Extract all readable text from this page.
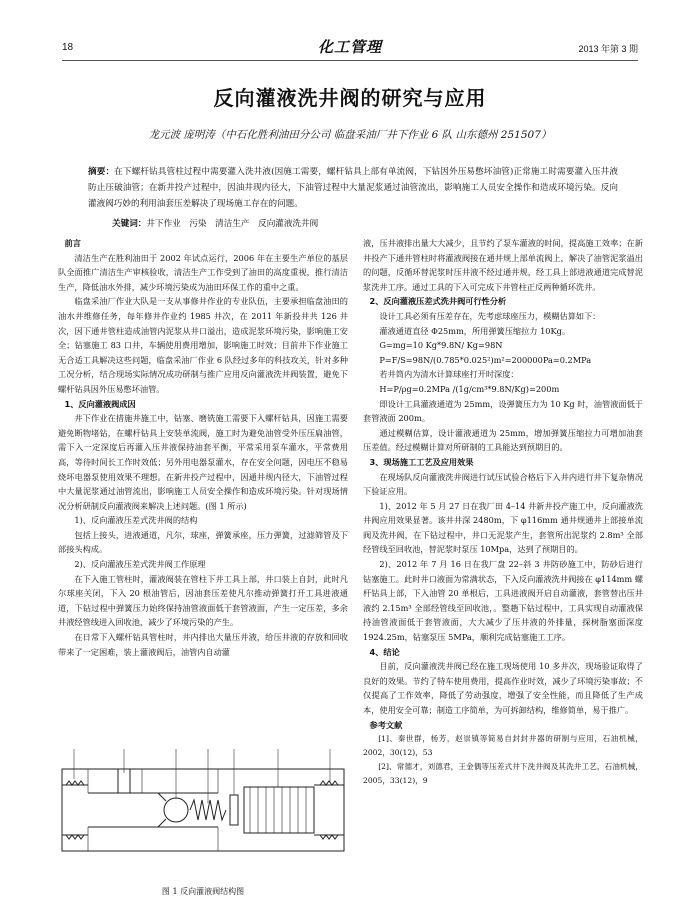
18	化工管理	2013 年第 3 期
反向灌液洗井阀的研究与应用
龙元波 庞明涛（中石化胜利油田分公司 临盘采油厂井下作业 6 队 山东德州 251507）
摘要：在下螺杆钻具管柱过程中需要灌入洗井液(因施工需要，螺杆钻具上部有单流阀，下钻因外压易憋坏油管)正常施工时需要灌入压井液防止压破油管；在新井投产过程中，因油井现内径大，下油管过程中大量泥浆通过油管流出，影响施工人员安全操作和造成环境污染。反向灌液阀巧妙的利用油套压差解决了现场施工存在的问题。
关键词：井下作业　污染　清洁生产　反向灌液洗井阀

前言

清洁生产在胜利油田于 2002 年试点运行，2006 年在主要生产单位的基层队全面推广清洁生产审核验收，清洁生产工作受到了油田的高度重视，推行清洁生产，降低油水外排，减少环境污染成为油田环保工作的重中之重。

临盘采油厂作业大队是一支从事修井作业的专业队伍，主要承担临盘油田的油水井维修任务，每年修井作业约 1985 井次，在 2011 年新投井共 126 井次，因下通井管柱造成油管内泥浆从井口溢出，造成泥浆环境污染，影响施工安全；钻塞施工 83 口井，车辆使用费用增加，影响施工时效；目前井下作业施工无合适工具解决这些问题，临盘采油厂作业 6 队经过多年的科技攻关，针对多种工况分析，结合现场实际情况成功研制与推广应用反向灌液洗井阀装置，避免下螺杆钻具因外压易憋坏油管。

1、反向灌液阀成因

井下作业在措施井施工中，钻塞、磨铣施工需要下入螺杆钻具，因施工需要避免断物堵钻，在螺杆钻具上安装单流阀，施工时为避免油管受外压压扁油管，需下入一定深度后再灌入压井液保持油套平衡，平常采用泵车灌水，平常费用高，等待时间长工作时效低；另外用电器泵灌水，存在安全问题，因电压不稳易烧坏电器泵使用效果不理想。在新井投产过程中，因通井规内径大，下油管过程中大量泥浆通过油管流出，影响施工人员安全操作和造成环境污染。针对现场情况分析研制反向灌液阀来解决上述问题。(图 1 所示)

1)、反向灌液压差式洗井阀的结构

包括上接头，进液通道，凡尔，球座，弹簧承座，压力弹簧，过滤筛管及下部接头构成。

2)、反向灌液压差式洗井阀工作原理

在下入施工管柱时，灌液阀装在管柱下井工具上部，井口装上自封，此时凡尔球座关闭，下入 20 根油管后，因油套压差使凡尔推动弹簧打开工具进液通道，下钻过程中弹簧压力始终保持油管液面低于套管液面，产生一定压差，多余井液经管线进入回收池，减少了环境污染的产生。

在日常下入螺杆钻具管柱时，井内排出大量压井液，给压井液的存放和回收带来了一定困难，装上灌液阀后，油管内自动灌

液，压井液排出量大大减少，且节约了泵车灌液的时间，提高施工效率；在新井投产下通井管柱时将灌液阀接在通井规上部单流阀上，解决了油管泥浆溢出的问题，反循环替泥浆时压井液不经过通井规，经工具上部进液通道完成替泥浆洗井工序。通过工具的下入可完成下井管柱正反两种循环洗井。

2、反向灌液压差式洗井阀可行性分析

设计工具必须有压差存在，先考虑球座压力，模糊估算如下：

灌液通道直径 Φ25mm，所用弹簧压缩拉力 10Kg。

G=mg=10 Kg*9.8N/ Kg=98N

P=F/S=98N/(0.785*0.025²)m²=200000Pa=0.2MPa

若井筒内为清水计算球座打开时深度：

H=P/ρg=0.2MPa /(1g/cm³*9.8N/Kg)=200m

即设计工具灌液通道为 25mm，设弹簧压力为 10 Kg 时，油管液面低于套管液面 200m。

通过模糊估算，设计灌液通道为 25mm，增加弹簧压缩拉力可增加油套压差值。经过模糊计算对所研制的工具能达到预期目的。

3、现场施工工艺及应用效果

在现场队反向灌液洗井阀进行试压试验合格后下入井内进行井下复杂情况下验证应用。

1)、2012 年 5 月 27 日在我厂田 4–14 井新井投产施工中，反向灌液洗井阀应用效果显著。该井井深 2480m，下 φ116mm 通井规通井上部接单流阀及洗井阀，在下钻过程中，井口无泥浆产生，套管所出泥浆约 2.8m³ 全部经管线至回收池，替泥浆时泵压 10Mpa，达到了预期目的。

2)、2012 年 7 月 16 日在我厂盘 22–斜 3 井防砂施工中，防砂后进行钻塞施工。此时井口液面为常满状态，下入反向灌液洗井阀接在 φ114mm 螺杆钻具上部，下入油管 20 单根后，工具进液阀开启自动灌液，套管替出压井液约 2.15m³ 全部经管线至回收池，。整趟下钻过程中，工具实现自动灌液保持油管液面低于套管液面，大大减少了压井液的外排量，探树脂塞面深度 1924.25m，钻塞泵压 5MPa，顺利完成钻塞施工工序。

4、结论

目前，反向灌液洗井阀已经在施工现场使用 10 多井次，现场验证取得了良好的效果。节约了特车使用费用，提高作业时效，减少了环境污染事故；不仅提高了工作效率，降低了劳动强度，增强了安全性能，而且降低了生产成本，使用安全可靠；制造工序简单，为可拆卸结构，维修简单，易于推广。

参考文献

[1]、秦世群，杨芳，赵崇镇等简易自封封井器的研制与应用，石油机械，2002，30(12)，53

[2]、常德才，刘德君，王金偶等压差式井下洗井阀及其洗井工艺，石油机械，2005，33(12)，9

图 1 反向灌液阀结构图
